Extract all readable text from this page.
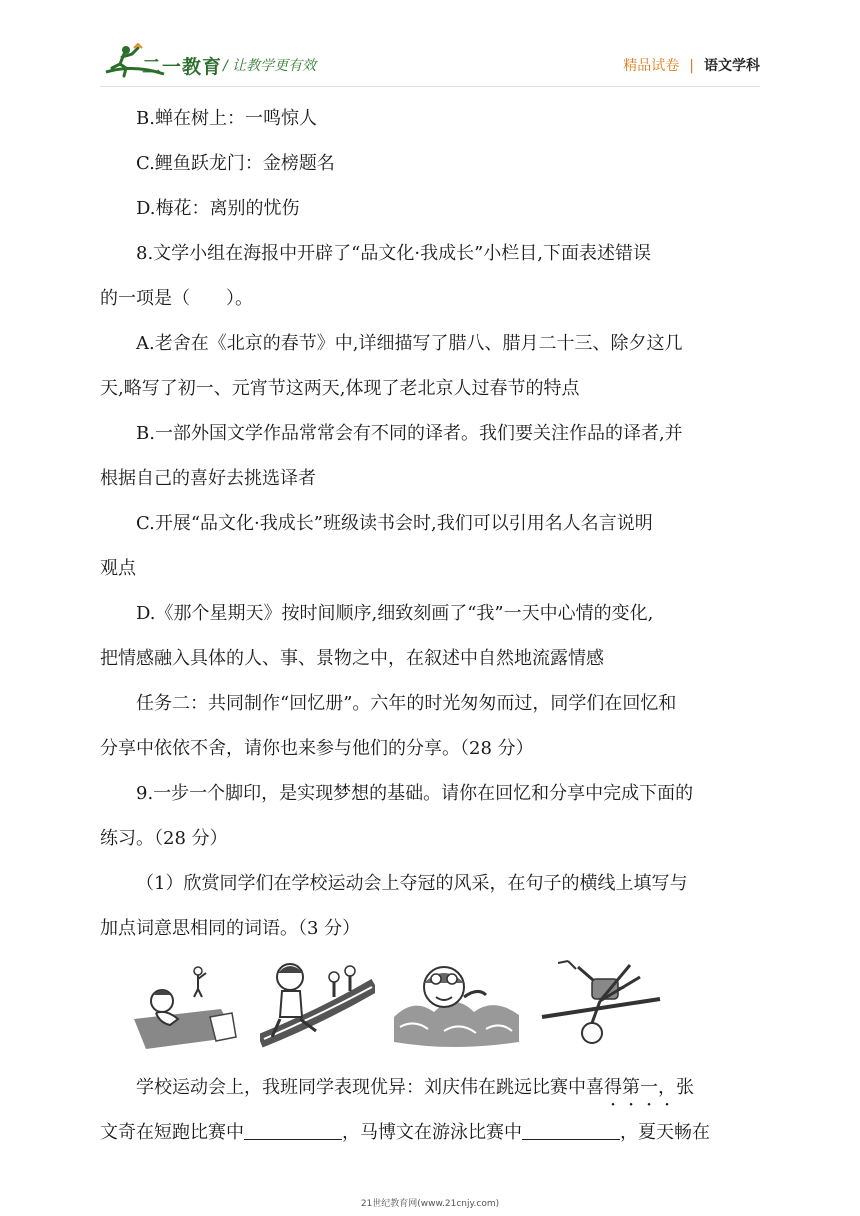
二一教育 / 让教学更有效	精品试卷 | 语文学科

B.蝉在树上：一鸣惊人

C.鲤鱼跃龙门：金榜题名

D.梅花：离别的忧伤

8.文学小组在海报中开辟了“品文化·我成长”小栏目,下面表述错误

的一项是（　　）。

A.老舍在《北京的春节》中,详细描写了腊八、腊月二十三、除夕这几

天,略写了初一、元宵节这两天,体现了老北京人过春节的特点

B.一部外国文学作品常常会有不同的译者。我们要关注作品的译者,并

根据自己的喜好去挑选译者

C.开展“品文化·我成长”班级读书会时,我们可以引用名人名言说明

观点

D.《那个星期天》按时间顺序,细致刻画了“我”一天中心情的变化,

把情感融入具体的人、事、景物之中，在叙述中自然地流露情感

任务二：共同制作“回忆册”。六年的时光匆匆而过，同学们在回忆和

分享中依依不舍，请你也来参与他们的分享。（28 分）

9.一步一个脚印，是实现梦想的基础。请你在回忆和分享中完成下面的

练习。（28 分）

（1）欣赏同学们在学校运动会上夺冠的风采，在句子的横线上填写与

加点词意思相同的词语。（3 分）

学校运动会上，我班同学表现优异：刘庆伟在跳远比赛中喜得第一，张

文奇在短跑比赛中	，马博文在游泳比赛中	，夏天畅在

21世纪教育网(www.21cnjy.com)
